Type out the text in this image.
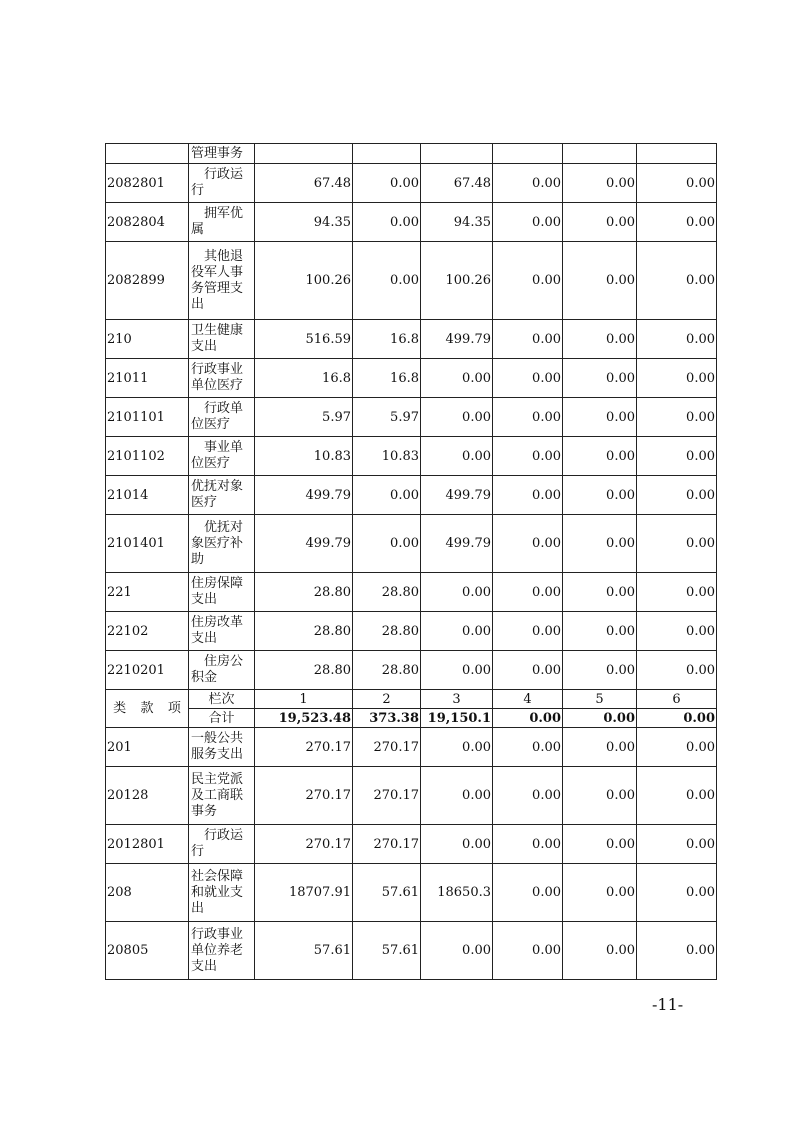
	管理事务						
2082801	　行政运行	67.48	0.00	67.48	0.00	0.00	0.00
2082804	　拥军优属	94.35	0.00	94.35	0.00	0.00	0.00
2082899	　其他退役军人事务管理支出	100.26	0.00	100.26	0.00	0.00	0.00
210	卫生健康支出	516.59	16.8	499.79	0.00	0.00	0.00
21011	行政事业单位医疗	16.8	16.8	0.00	0.00	0.00	0.00
2101101	　行政单位医疗	5.97	5.97	0.00	0.00	0.00	0.00
2101102	　事业单位医疗	10.83	10.83	0.00	0.00	0.00	0.00
21014	优抚对象医疗	499.79	0.00	499.79	0.00	0.00	0.00
2101401	　优抚对象医疗补助	499.79	0.00	499.79	0.00	0.00	0.00
221	住房保障支出	28.80	28.80	0.00	0.00	0.00	0.00
22102	住房改革支出	28.80	28.80	0.00	0.00	0.00	0.00
2210201	　住房公积金	28.80	28.80	0.00	0.00	0.00	0.00

类 款 项	栏次	1	2	3	4	5	6
	合计	19,523.48	373.38	19,150.1	0.00	0.00	0.00
201	一般公共服务支出	270.17	270.17	0.00	0.00	0.00	0.00
20128	民主党派及工商联事务	270.17	270.17	0.00	0.00	0.00	0.00
2012801	　行政运行	270.17	270.17	0.00	0.00	0.00	0.00
208	社会保障和就业支出	18707.91	57.61	18650.3	0.00	0.00	0.00
20805	行政事业单位养老支出	57.61	57.61	0.00	0.00	0.00	0.00
-11-
